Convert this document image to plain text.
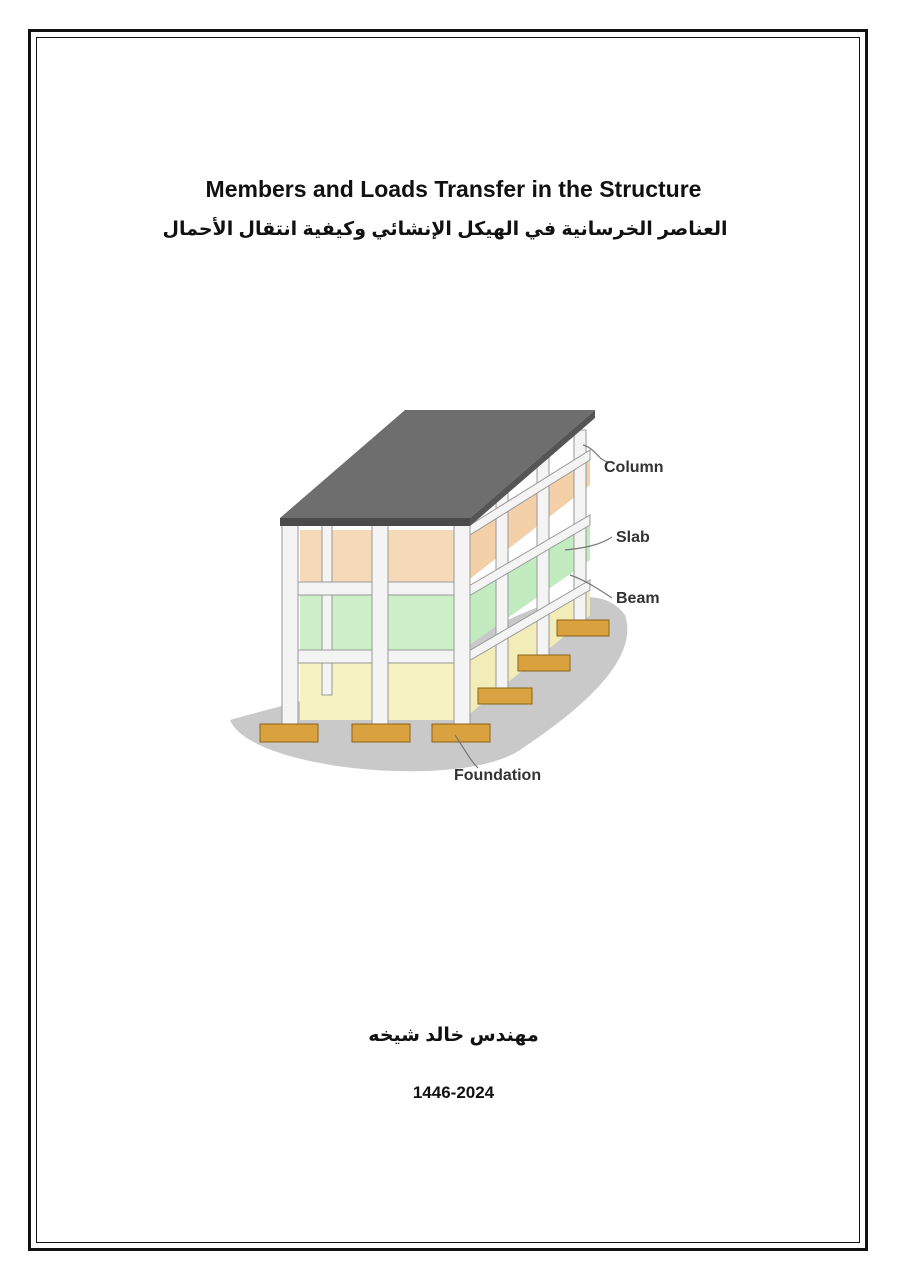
Members and Loads Transfer in the Structure
العناصر الخرسانية في الهيكل الإنشائي وكيفية انتقال الأحمال
Column
Slab
Beam
Foundation
مهندس خالد شيخه
1446-2024
